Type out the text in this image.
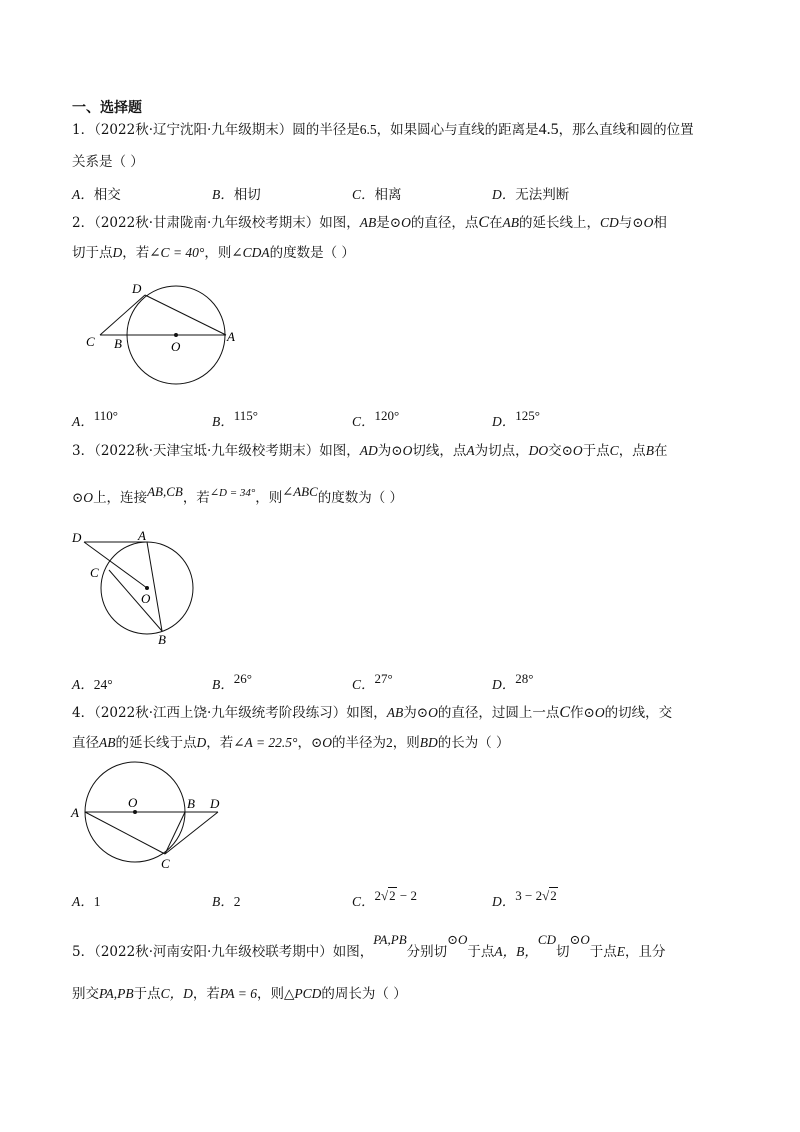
一、选择题
1．（2022秋·辽宁沈阳·九年级期末）圆的半径是6.5，如果圆心与直线的距离是4.5，那么直线和圆的位置
关系是（ ）
A．相交	B．相切	C．相离	D．无法判断
2．（2022秋·甘肃陇南·九年级校考期末）如图，AB是⊙O的直径，点C在AB的延长线上，CD与⊙O相
切于点D，若∠C = 40°，则∠CDA的度数是（ ）
D
C B	O
A
A．$^{110^\circ}$	B．$^{115^\circ}$	C．$^{120^\circ}$	D．$^{125^\circ}$
3．（2022秋·天津宝坻·九年级校考期末）如图，AD为⊙O切线，点A为切点，DO交⊙O于点C，点B在
⊙O上，连接$^{AB,CB}$，若$^{\angle D = 34^\circ}$，则$^{\angle ABC}$的度数为（ ）
D	A
C
O
B
A．24°	B．$^{26^\circ}$	C．$^{27^\circ}$	D．$^{28^\circ}$
4．（2022秋·江西上饶·九年级统考阶段练习）如图，AB为⊙O的直径，过圆上一点C作⊙O的切线，交
直径AB的延长线于点D，若∠A = 22.5°，⊙O的半径为2，则BD的长为（ ）
A
O	B D
C
A．1	B．2	C．$^{2√2 - 2}$	D．$^{3 - 2√2}$
5．（2022秋·河南安阳·九年级校联考期中）如图，$^{PA,PB}$分别切$^{⊙O}$于点A，B，$^{CD}$切$^{⊙O}$于点E，且分
别交PA,PB于点C，D，若PA = 6，则△PCD的周长为（ ）
